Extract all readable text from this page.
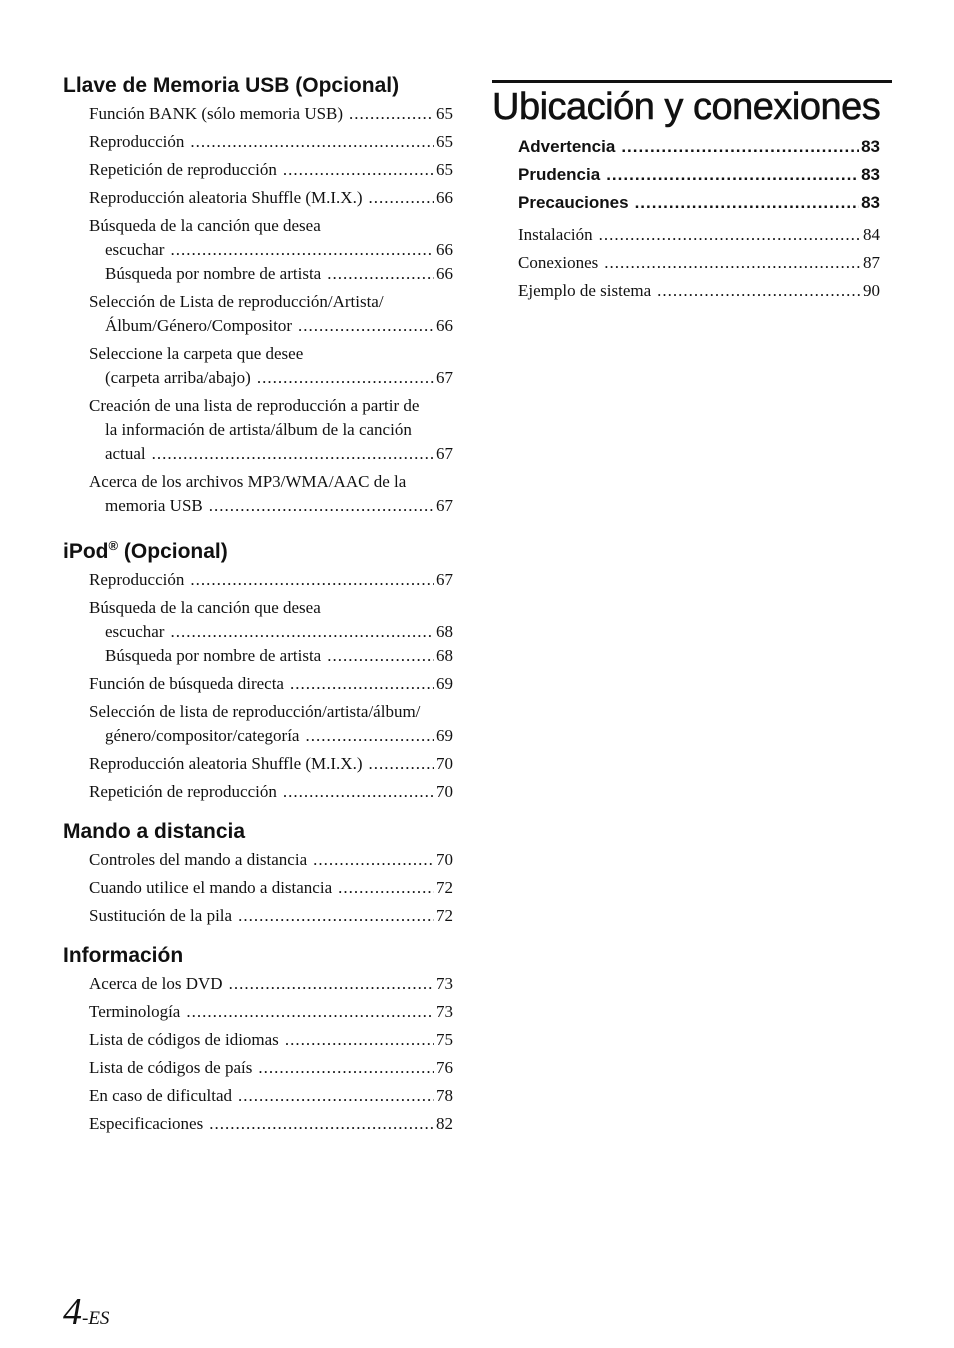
Llave de Memoria USB (Opcional)
Función BANK (sólo memoria USB) .....	65
Reproducción .....	65
Repetición de reproducción .....	65
Reproducción aleatoria Shuffle (M.I.X.) .....	66
Búsqueda de la canción que desea
escuchar .....	66
Búsqueda por nombre de artista .....	66
Selección de Lista de reproducción/Artista/
Álbum/Género/Compositor .....	66
Seleccione la carpeta que desee
(carpeta arriba/abajo) .....	67
Creación de una lista de reproducción a partir de
la información de artista/álbum de la canción
actual .....	67
Acerca de los archivos MP3/WMA/AAC de la
memoria USB .....	67
iPod® (Opcional)
Reproducción .....	67
Búsqueda de la canción que desea
escuchar .....	68
Búsqueda por nombre de artista .....	68
Función de búsqueda directa .....	69
Selección de lista de reproducción/artista/álbum/
género/compositor/categoría .....	69
Reproducción aleatoria Shuffle (M.I.X.) .....	70
Repetición de reproducción .....	70
Mando a distancia
Controles del mando a distancia .....	70
Cuando utilice el mando a distancia .....	72
Sustitución de la pila .....	72
Información
Acerca de los DVD .....	73
Terminología .....	73
Lista de códigos de idiomas .....	75
Lista de códigos de país .....	76
En caso de dificultad .....	78
Especificaciones .....	82
Ubicación y conexiones
Advertencia .....	83
Prudencia .....	83
Precauciones .....	83
Instalación .....	84
Conexiones .....	87
Ejemplo de sistema .....	90
4-ES
